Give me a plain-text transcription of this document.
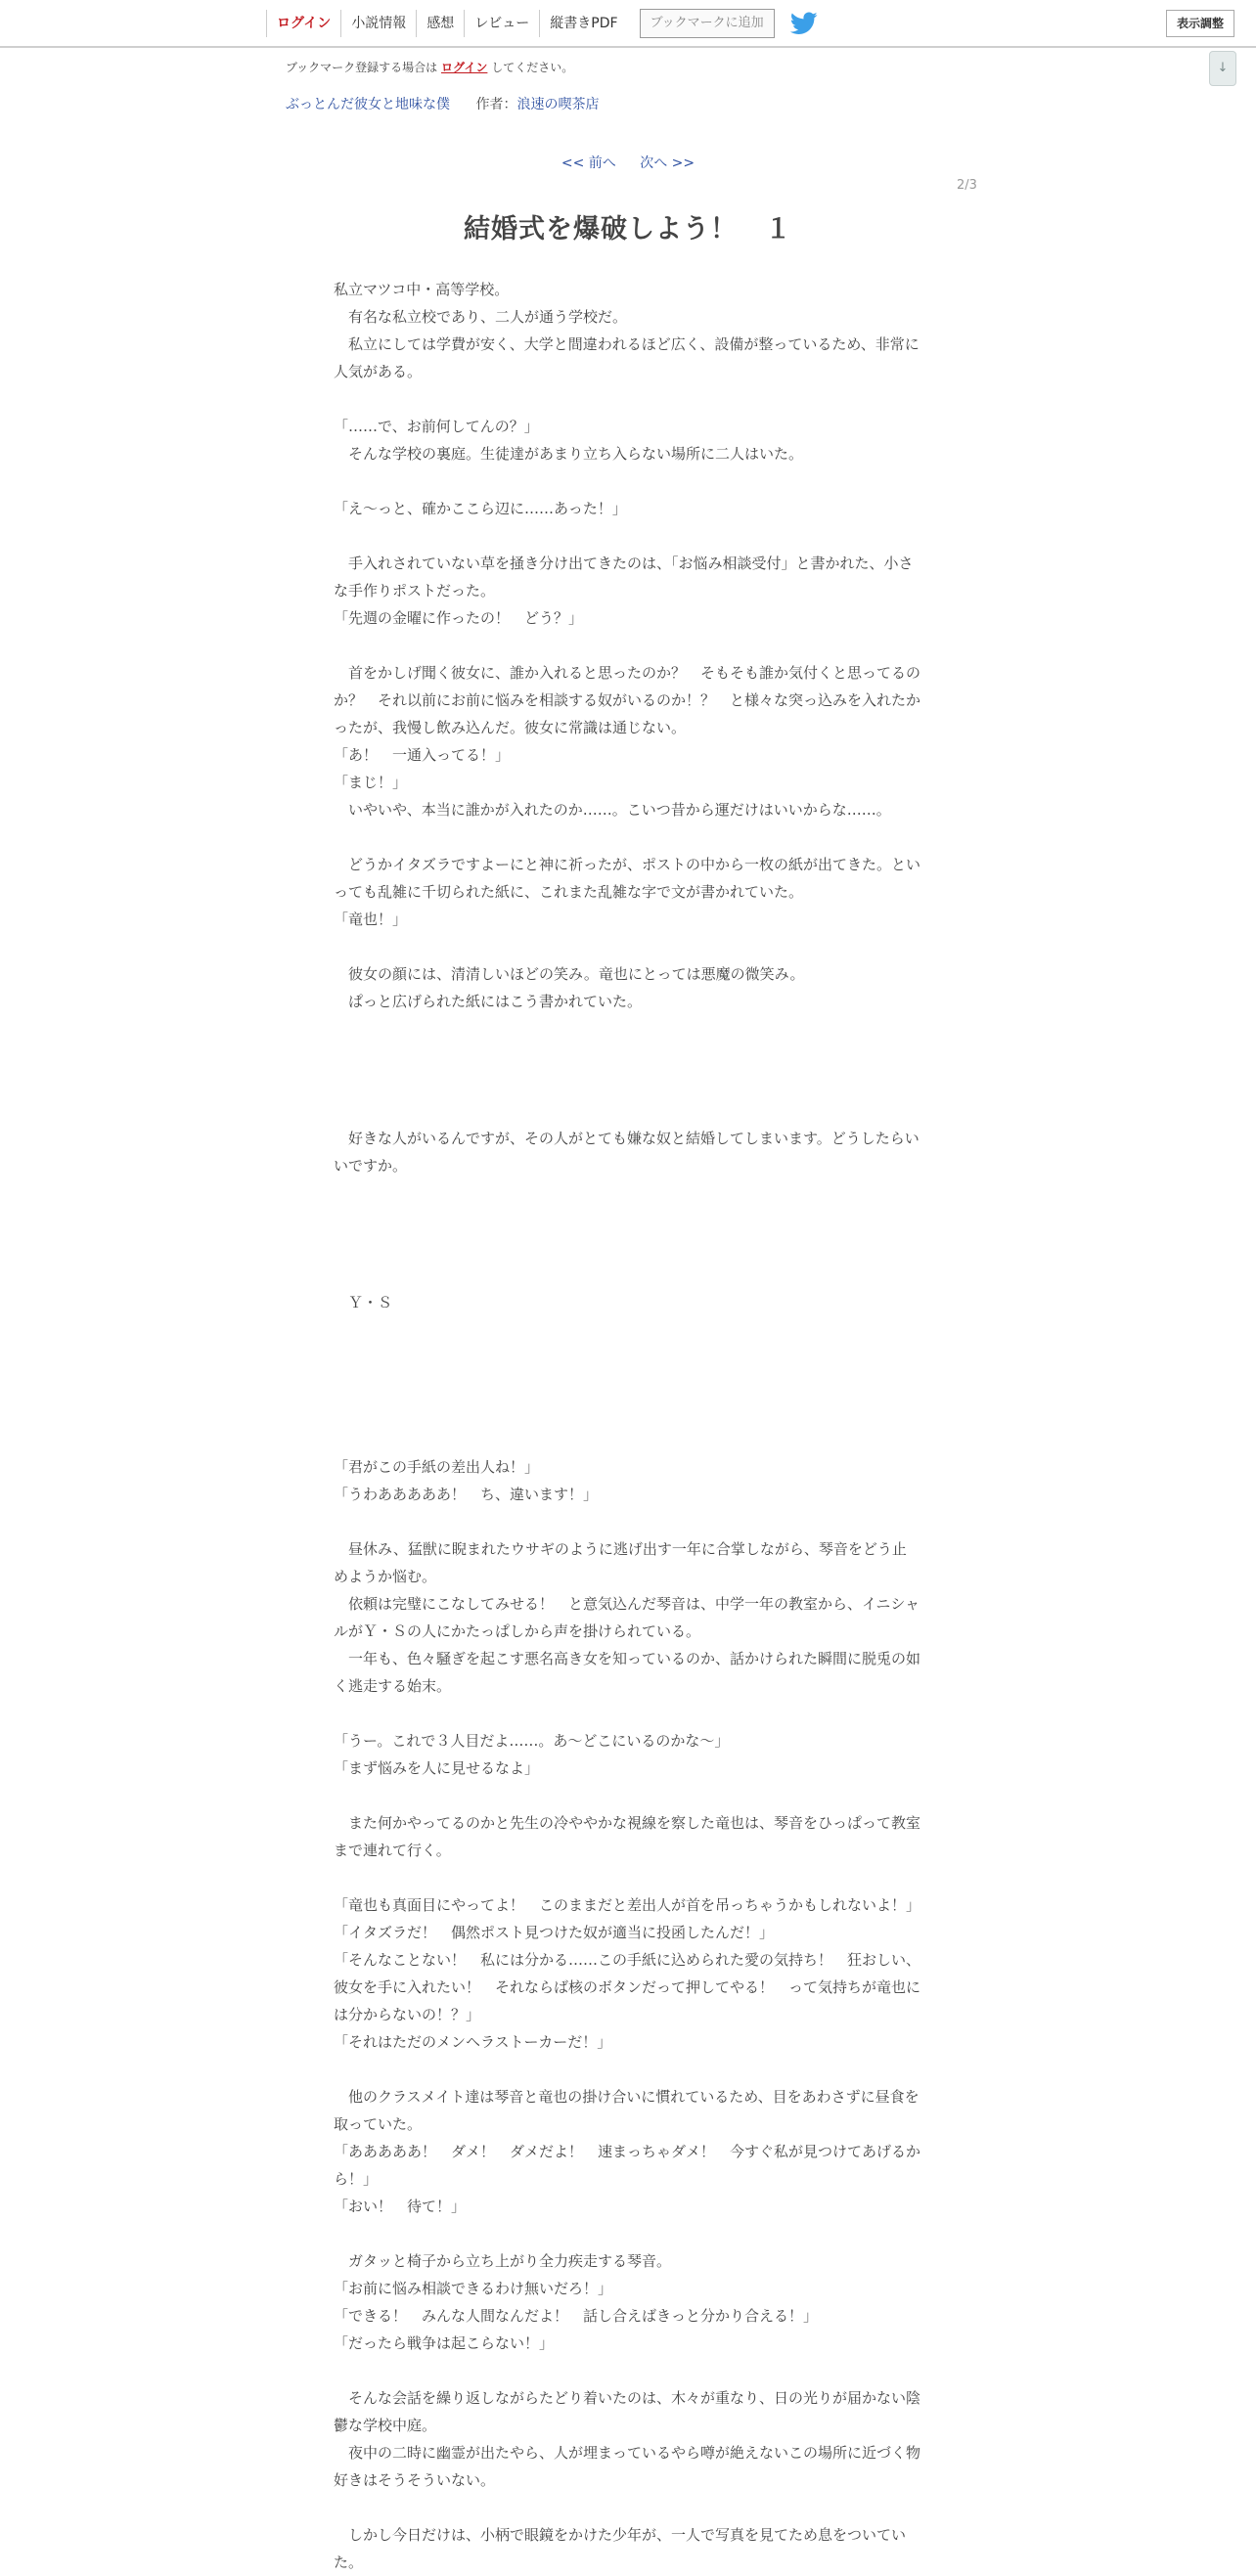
ログイン	小説情報	感想	レビュー	縦書きPDF	ブックマークに追加	表示調整
↓
ブックマーク登録する場合は ログイン してください。
ぶっとんだ彼女と地味な僕 作者：浪速の喫茶店
<< 前へ 次へ >>
2/3
結婚式を爆破しよう！　１

私立マツコ中・高等学校。

　有名な私立校であり、二人が通う学校だ。

　私立にしては学費が安く、大学と間違われるほど広く、設備が整っているため、非常に人気がある。

「……で、お前何してんの？」

　そんな学校の裏庭。生徒達があまり立ち入らない場所に二人はいた。

「え～っと、確かここら辺に……あった！」

　手入れされていない草を掻き分け出てきたのは、「お悩み相談受付」と書かれた、小さな手作りポストだった。

「先週の金曜に作ったの！　どう？」

　首をかしげ聞く彼女に、誰か入れると思ったのか？　そもそも誰か気付くと思ってるのか？　それ以前にお前に悩みを相談する奴がいるのか！？　と様々な突っ込みを入れたかったが、我慢し飲み込んだ。彼女に常識は通じない。

「あ！　一通入ってる！」

「まじ！」

　いやいや、本当に誰かが入れたのか……。こいつ昔から運だけはいいからな……。

　どうかイタズラですよーにと神に祈ったが、ポストの中から一枚の紙が出てきた。といっても乱雑に千切られた紙に、これまた乱雑な字で文が書かれていた。

「竜也！」

　彼女の顔には、清清しいほどの笑み。竜也にとっては悪魔の微笑み。

　ぱっと広げられた紙にはこう書かれていた。

　好きな人がいるんですが、その人がとても嫌な奴と結婚してしまいます。どうしたらいいですか。

　Ｙ・Ｓ

「君がこの手紙の差出人ね！」

「うわあああああ！　ち、違います！」

　昼休み、猛獣に睨まれたウサギのように逃げ出す一年に合掌しながら、琴音をどう止めようか悩む。

　依頼は完璧にこなしてみせる！　と意気込んだ琴音は、中学一年の教室から、イニシャルがＹ・Ｓの人にかたっぱしから声を掛けられている。

　一年も、色々騒ぎを起こす悪名高き女を知っているのか、話かけられた瞬間に脱兎の如く逃走する始末。

「うー。これで３人目だよ……。あ～どこにいるのかな～」

「まず悩みを人に見せるなよ」

　また何かやってるのかと先生の冷ややかな視線を察した竜也は、琴音をひっぱって教室まで連れて行く。

「竜也も真面目にやってよ！　このままだと差出人が首を吊っちゃうかもしれないよ！」

「イタズラだ！　偶然ポスト見つけた奴が適当に投函したんだ！」

「そんなことない！　私には分かる……この手紙に込められた愛の気持ち！　狂おしい、彼女を手に入れたい！　それならば核のボタンだって押してやる！　って気持ちが竜也には分からないの！？」

「それはただのメンヘラストーカーだ！」

　他のクラスメイト達は琴音と竜也の掛け合いに慣れているため、目をあわさずに昼食を取っていた。

「あああああ！　ダメ！　ダメだよ！　速まっちゃダメ！　今すぐ私が見つけてあげるから！」

「おい！　待て！」

　ガタッと椅子から立ち上がり全力疾走する琴音。

「お前に悩み相談できるわけ無いだろ！」

「できる！　みんな人間なんだよ！　話し合えばきっと分かり合える！」

「だったら戦争は起こらない！」

　そんな会話を繰り返しながらたどり着いたのは、木々が重なり、日の光りが届かない陰鬱な学校中庭。

　夜中の二時に幽霊が出たやら、人が埋まっているやら噂が絶えないこの場所に近づく物好きはそうそういない。

　しかし今日だけは、小柄で眼鏡をかけた少年が、一人で写真を見てため息をついていた。
